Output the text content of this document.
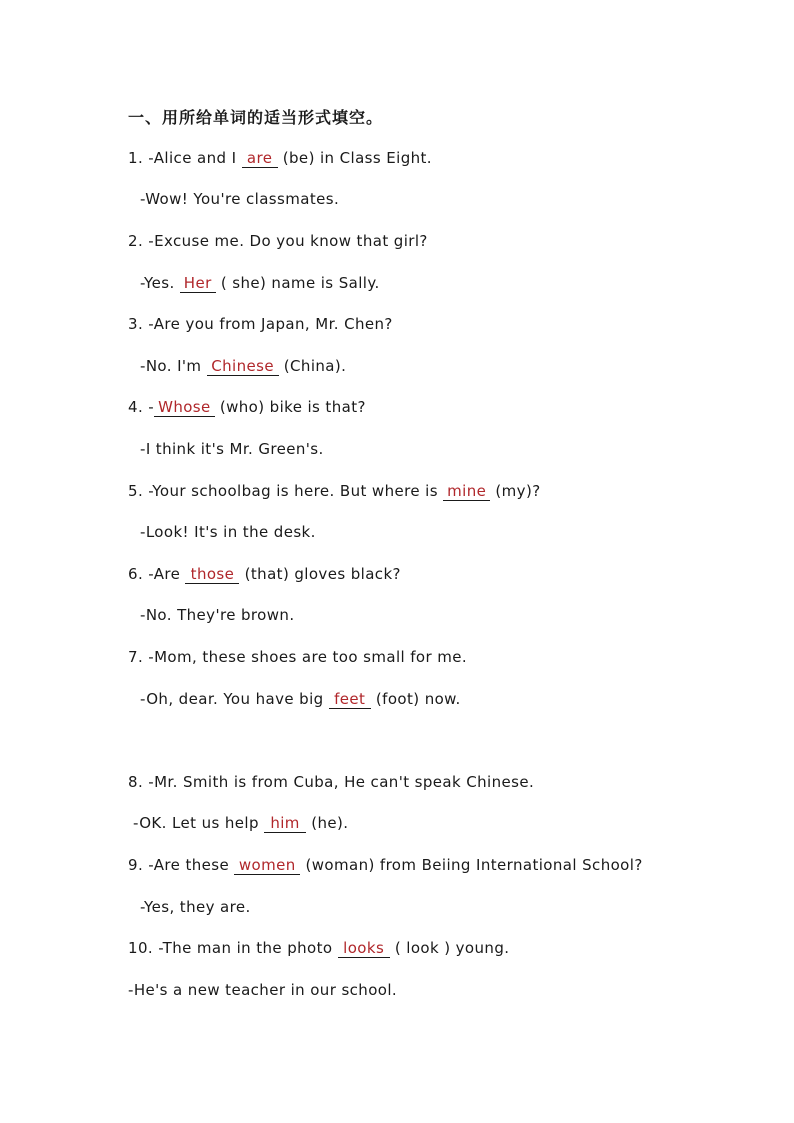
一、用所给单词的适当形式填空。
1. -Alice and I are (be) in Class Eight.
-Wow! You're classmates.
2. -Excuse me. Do you know that girl?
-Yes. Her ( she) name is Sally.
3. -Are you from Japan, Mr. Chen?
-No. I'm Chinese (China).
4. - Whose (who) bike is that?
-I think it's Mr. Green's.
5. -Your schoolbag is here. But where is mine (my)?
-Look! It's in the desk.
6. -Are those (that) gloves black?
-No. They're brown.
7. -Mom, these shoes are too small for me.
-Oh, dear. You have big feet (foot) now.
8. -Mr. Smith is from Cuba, He can't speak Chinese.
-OK. Let us help him (he).
9. -Are these women (woman) from Beiing International School?
-Yes, they are.
10. -The man in the photo looks ( look ) young.
-He's a new teacher in our school.
